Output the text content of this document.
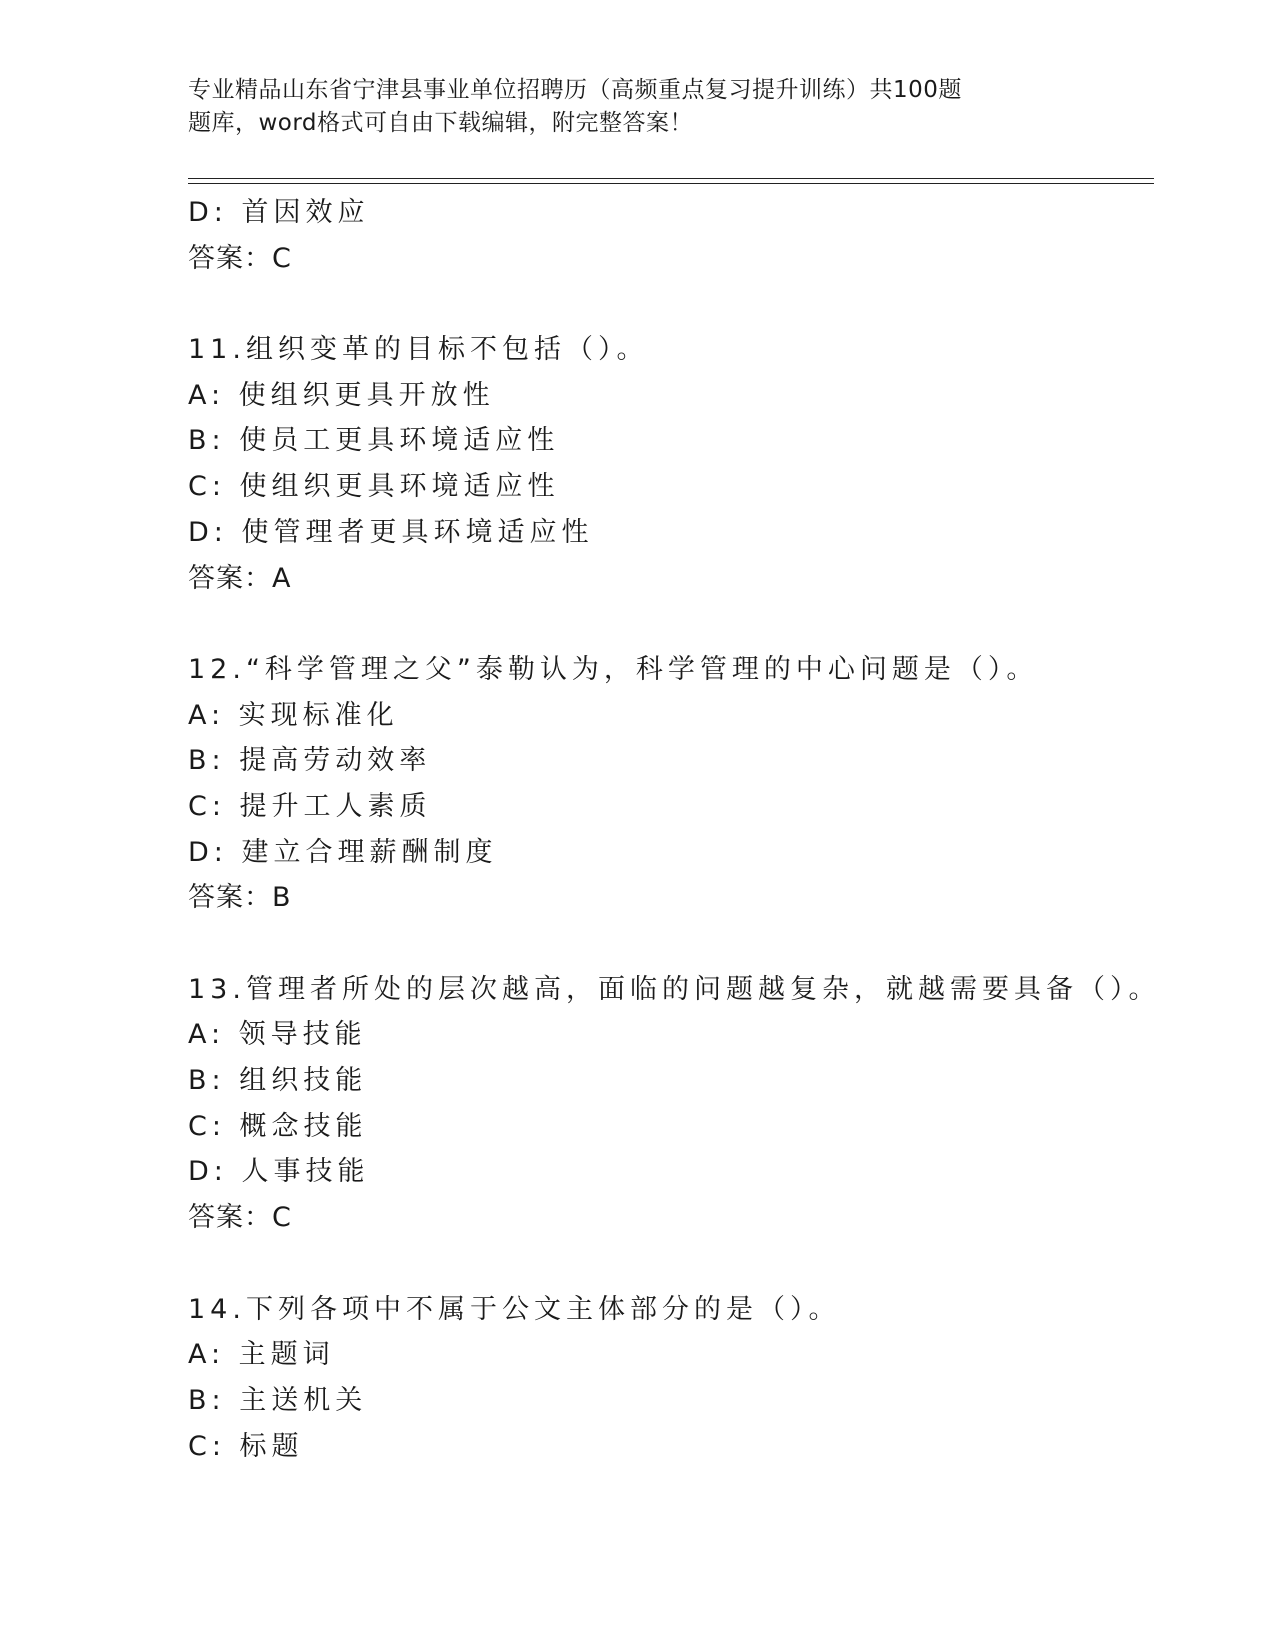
专业精品山东省宁津县事业单位招聘历（高频重点复习提升训练）共100题
题库，word格式可自由下载编辑，附完整答案！
D: 首因效应
答案：C
11.组织变革的目标不包括（）。
A: 使组织更具开放性
B: 使员工更具环境适应性
C: 使组织更具环境适应性
D: 使管理者更具环境适应性
答案：A
12.“科学管理之父”泰勒认为，科学管理的中心问题是（）。
A: 实现标准化
B: 提高劳动效率
C: 提升工人素质
D: 建立合理薪酬制度
答案：B
13.管理者所处的层次越高，面临的问题越复杂，就越需要具备（）。
A: 领导技能
B: 组织技能
C: 概念技能
D: 人事技能
答案：C
14.下列各项中不属于公文主体部分的是（）。
A: 主题词
B: 主送机关
C: 标题
